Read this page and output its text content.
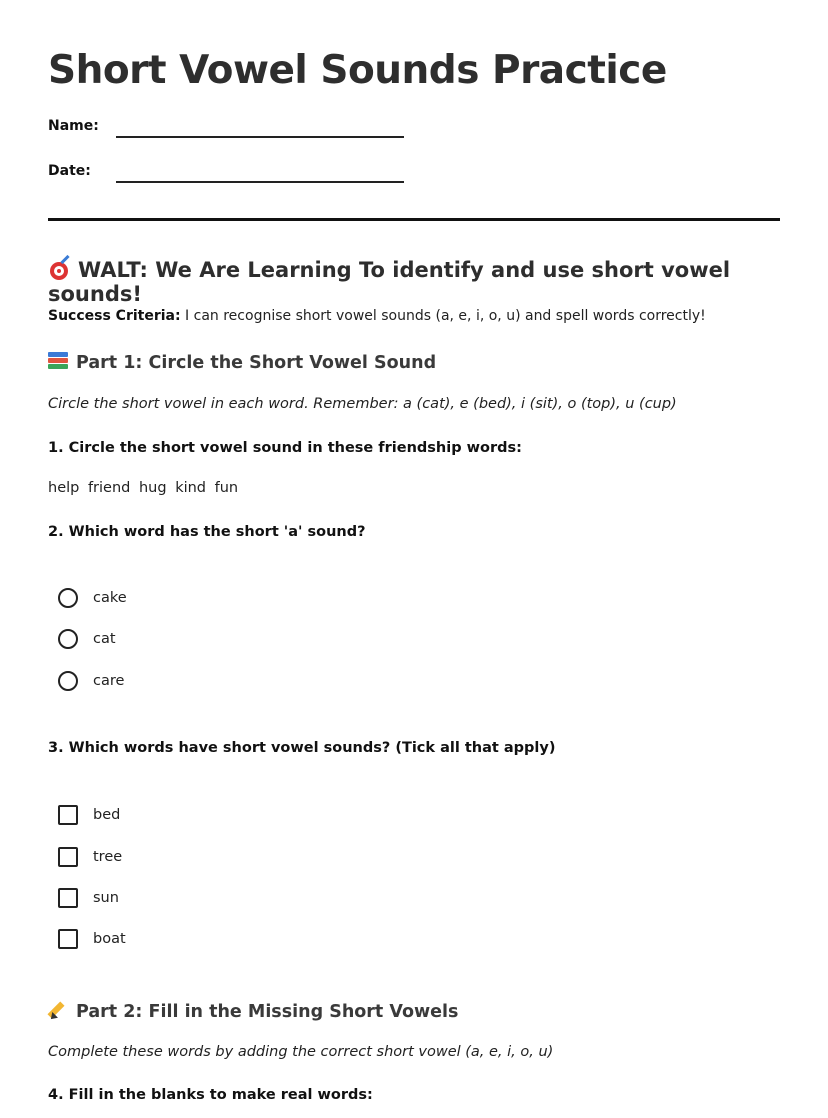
Short Vowel Sounds Practice
Name:
Date:
WALT: We Are Learning To identify and use short vowel sounds!
Success Criteria: I can recognise short vowel sounds (a, e, i, o, u) and spell words correctly!
Part 1: Circle the Short Vowel Sound
Circle the short vowel in each word. Remember: a (cat), e (bed), i (sit), o (top), u (cup)
1. Circle the short vowel sound in these friendship words:
help friend hug kind fun
2. Which word has the short 'a' sound?
cake
cat
care
3. Which words have short vowel sounds? (Tick all that apply)
bed
tree
sun
boat
Part 2: Fill in the Missing Short Vowels
Complete these words by adding the correct short vowel (a, e, i, o, u)
4. Fill in the blanks to make real words:
